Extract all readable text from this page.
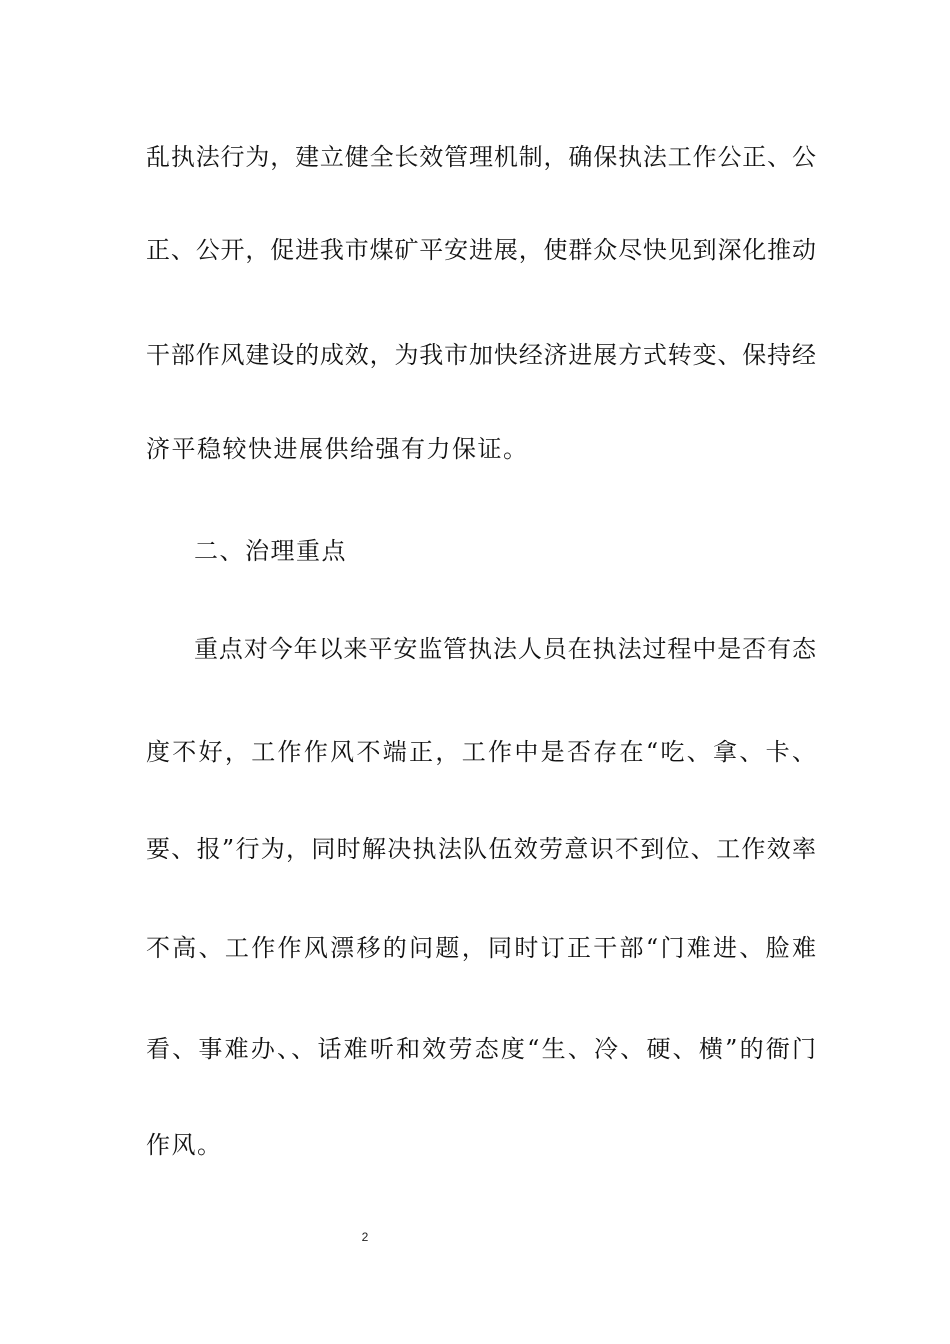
乱执法行为，建立健全长效管理机制，确保执法工作公正、公
正、公开，促进我市煤矿平安进展，使群众尽快见到深化推动
干部作风建设的成效，为我市加快经济进展方式转变、保持经
济平稳较快进展供给强有力保证。
二、治理重点
重点对今年以来平安监管执法人员在执法过程中是否有态
度不好，工作作风不端正，工作中是否存在“吃、拿、卡、
要、报”行为，同时解决执法队伍效劳意识不到位、工作效率
不高、工作作风漂移的问题，同时订正干部“门难进、脸难
看、事难办、、话难听和效劳态度“生、冷、硬、横”的衙门
作风。
2
